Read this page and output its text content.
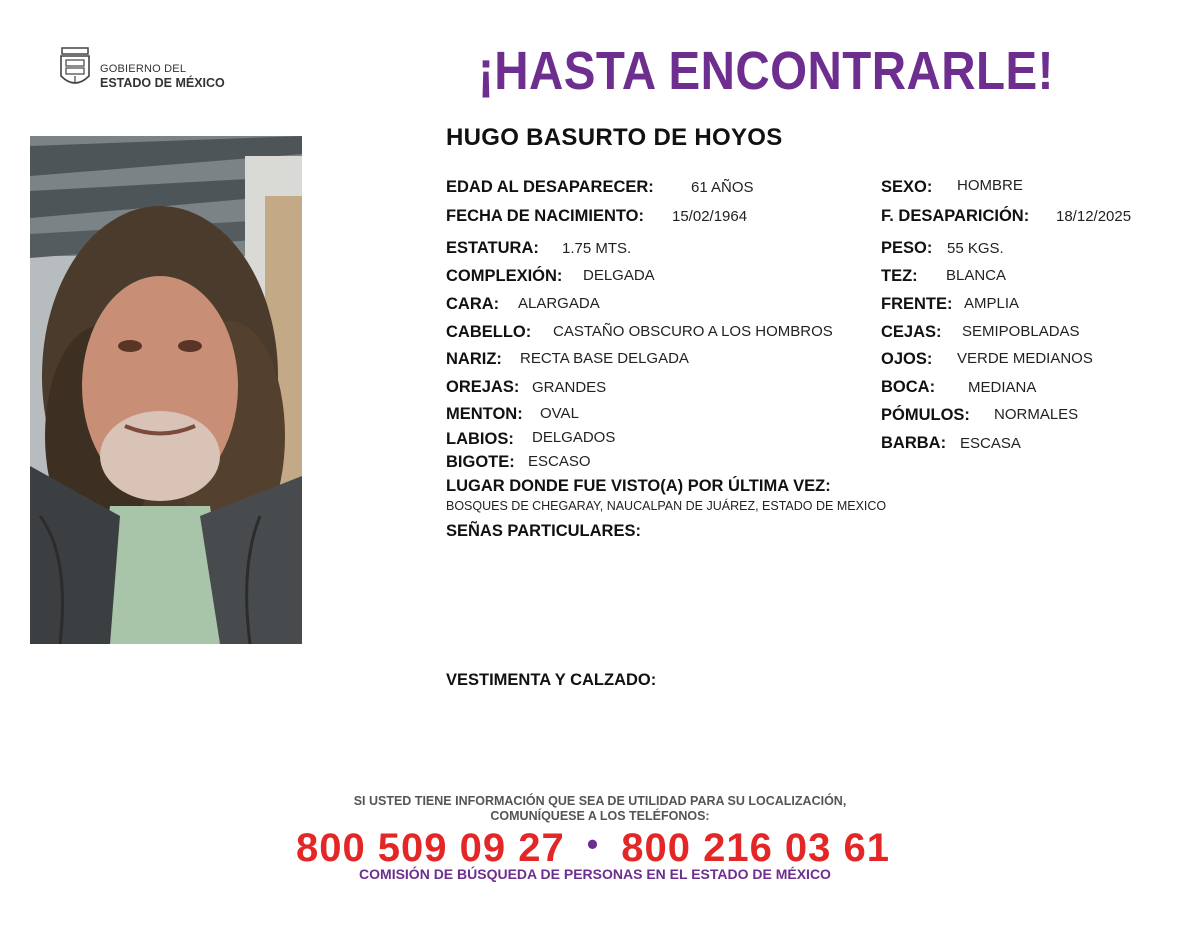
GOBIERNO DEL
ESTADO DE MÉXICO	¡HASTA ENCONTRARLE!
HUGO BASURTO DE HOYOS
EDAD AL DESAPARECER: 61 AÑOS
FECHA DE NACIMIENTO: 15/02/1964
ESTATURA: 1.75 MTS.
COMPLEXIÓN: DELGADA
CARA: ALARGADA
CABELLO: CASTAÑO OBSCURO A LOS HOMBROS
NARIZ: RECTA BASE DELGADA
OREJAS: GRANDES
MENTON: OVAL
LABIOS: DELGADOS
BIGOTE: ESCASO
SEXO: HOMBRE
F. DESAPARICIÓN: 18/12/2025
PESO: 55 KGS.
TEZ: BLANCA
FRENTE: AMPLIA
CEJAS: SEMIPOBLADAS
OJOS: VERDE MEDIANOS
BOCA: MEDIANA
PÓMULOS: NORMALES
BARBA: ESCASA
LUGAR DONDE FUE VISTO(A) POR ÚLTIMA VEZ:
BOSQUES DE CHEGARAY, NAUCALPAN DE JUÁREZ, ESTADO DE MEXICO
SEÑAS PARTICULARES:
VESTIMENTA Y CALZADO:
SI USTED TIENE INFORMACIÓN QUE SEA DE UTILIDAD PARA SU LOCALIZACIÓN,
COMUNÍQUESE A LOS TELÉFONOS:
800 509 09 27 • 800 216 03 61
COMISIÓN DE BÚSQUEDA DE PERSONAS EN EL ESTADO DE MÉXICO
